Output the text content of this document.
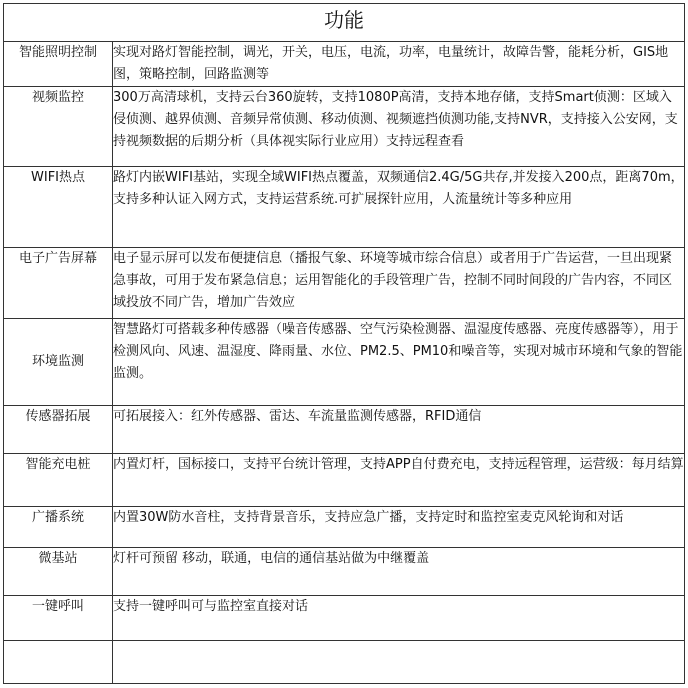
功能	

智能照明控制	实现对路灯智能控制，调光，开关，电压，电流，功率，电量统计，故障告警，能耗分析，GIS地图，策略控制，回路监测等

视频监控	300万高清球机，支持云台360旋转，支持1080P高清，支持本地存储，支持Smart侦测：区域入侵侦测、越界侦测、音频异常侦测、移动侦测、视频遮挡侦测功能,支持NVR，支持接入公安网，支持视频数据的后期分析（具体视实际行业应用）支持远程查看

WIFI热点	路灯内嵌WIFI基站，实现全域WIFI热点覆盖，双频通信2.4G/5G共存,并发接入200点，距离70m，支持多种认证入网方式，支持运营系统.可扩展探针应用，人流量统计等多种应用

电子广告屏幕	电子显示屏可以发布便捷信息（播报气象、环境等城市综合信息）或者用于广告运营，一旦出现紧急事故，可用于发布紧急信息；运用智能化的手段管理广告，控制不同时间段的广告内容，不同区域投放不同广告，增加广告效应

环境监测	智慧路灯可搭载多种传感器（噪音传感器、空气污染检测器、温湿度传感器、亮度传感器等），用于检测风向、风速、温湿度、降雨量、水位、PM2.5、PM10和噪音等，实现对城市环境和气象的智能监测。

传感器拓展	可拓展接入：红外传感器、雷达、车流量监测传感器，RFID通信

智能充电桩	内置灯杆，国标接口，支持平台统计管理，支持APP自付费充电，支持远程管理，运营级：每月结算

广播系统	内置30W防水音柱，支持背景音乐，支持应急广播，支持定时和监控室麦克风轮询和对话

微基站	灯杆可预留 移动，联通，电信的通信基站做为中继覆盖

一键呼叫	支持一键呼叫可与监控室直接对话
